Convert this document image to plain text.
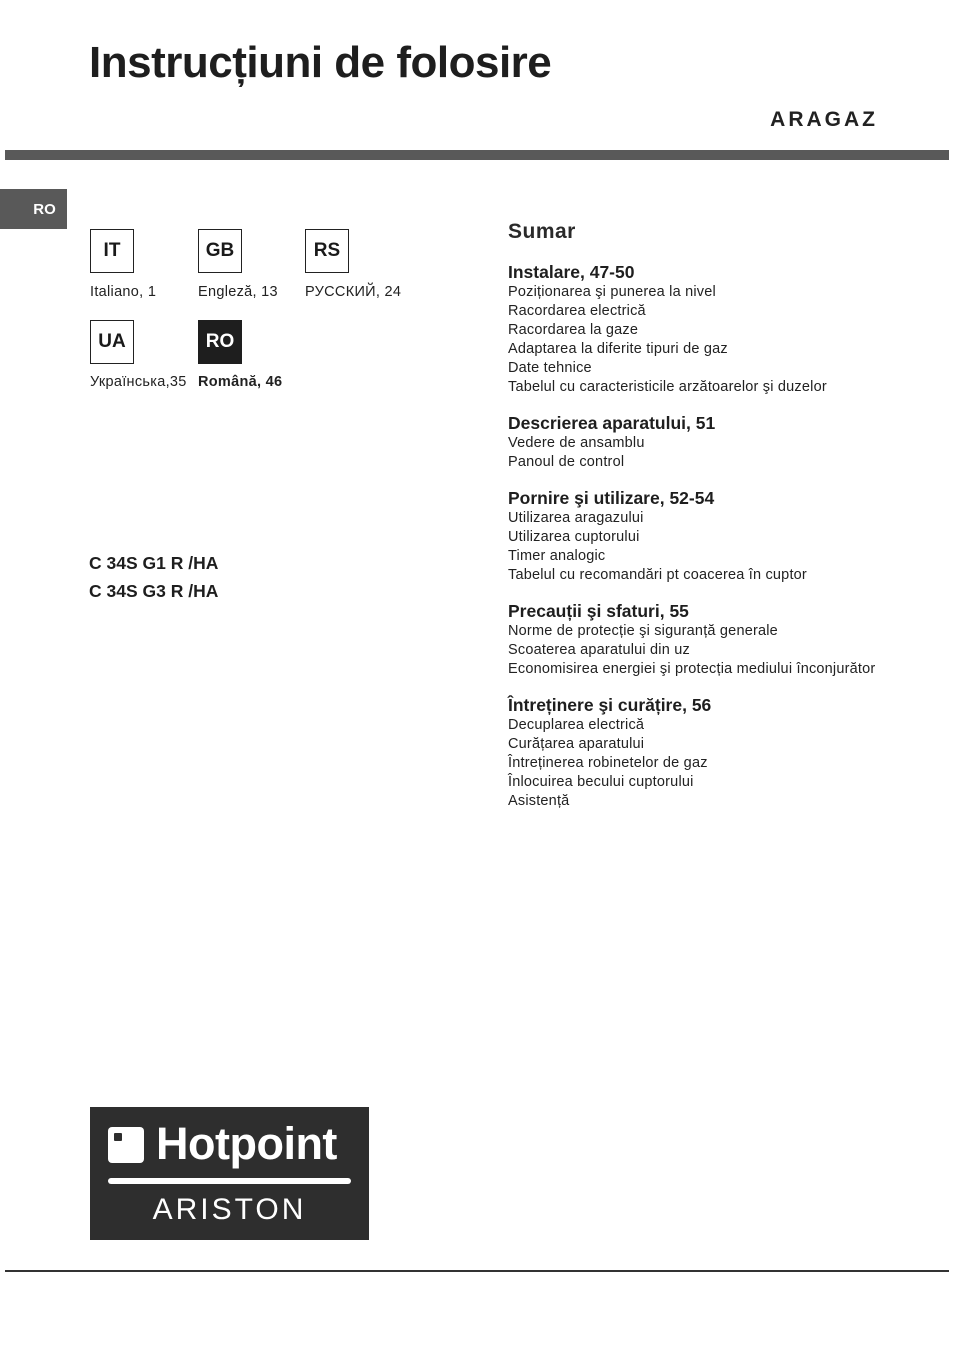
Instrucțiuni de folosire
ARAGAZ
RO
IT
Italiano, 1
GB
Engleză, 13
RS
РУССКИЙ, 24
UA
Українська,35
RO
Română, 46
C 34S G1 R /HA
C 34S G3 R /HA
Sumar
Instalare, 47-50
Poziționarea şi punerea la nivel
Racordarea electrică
Racordarea la gaze
Adaptarea la diferite tipuri de gaz
Date tehnice
Tabelul cu caracteristicile arzătoarelor şi duzelor
Descrierea aparatului, 51
Vedere de ansamblu
Panoul de control
Pornire şi utilizare, 52-54
Utilizarea aragazului
Utilizarea cuptorului
Timer analogic
Tabelul cu recomandări pt coacerea în cuptor
Precauții şi sfaturi, 55
Norme de protecție şi siguranță generale
Scoaterea aparatului din uz
Economisirea energiei şi protecția mediului înconjurător
Întreținere şi curățire, 56
Decuplarea electrică
Curățarea aparatului
Întreținerea robinetelor de gaz
Înlocuirea becului cuptorului
Asistență
Hotpoint
ARISTON
